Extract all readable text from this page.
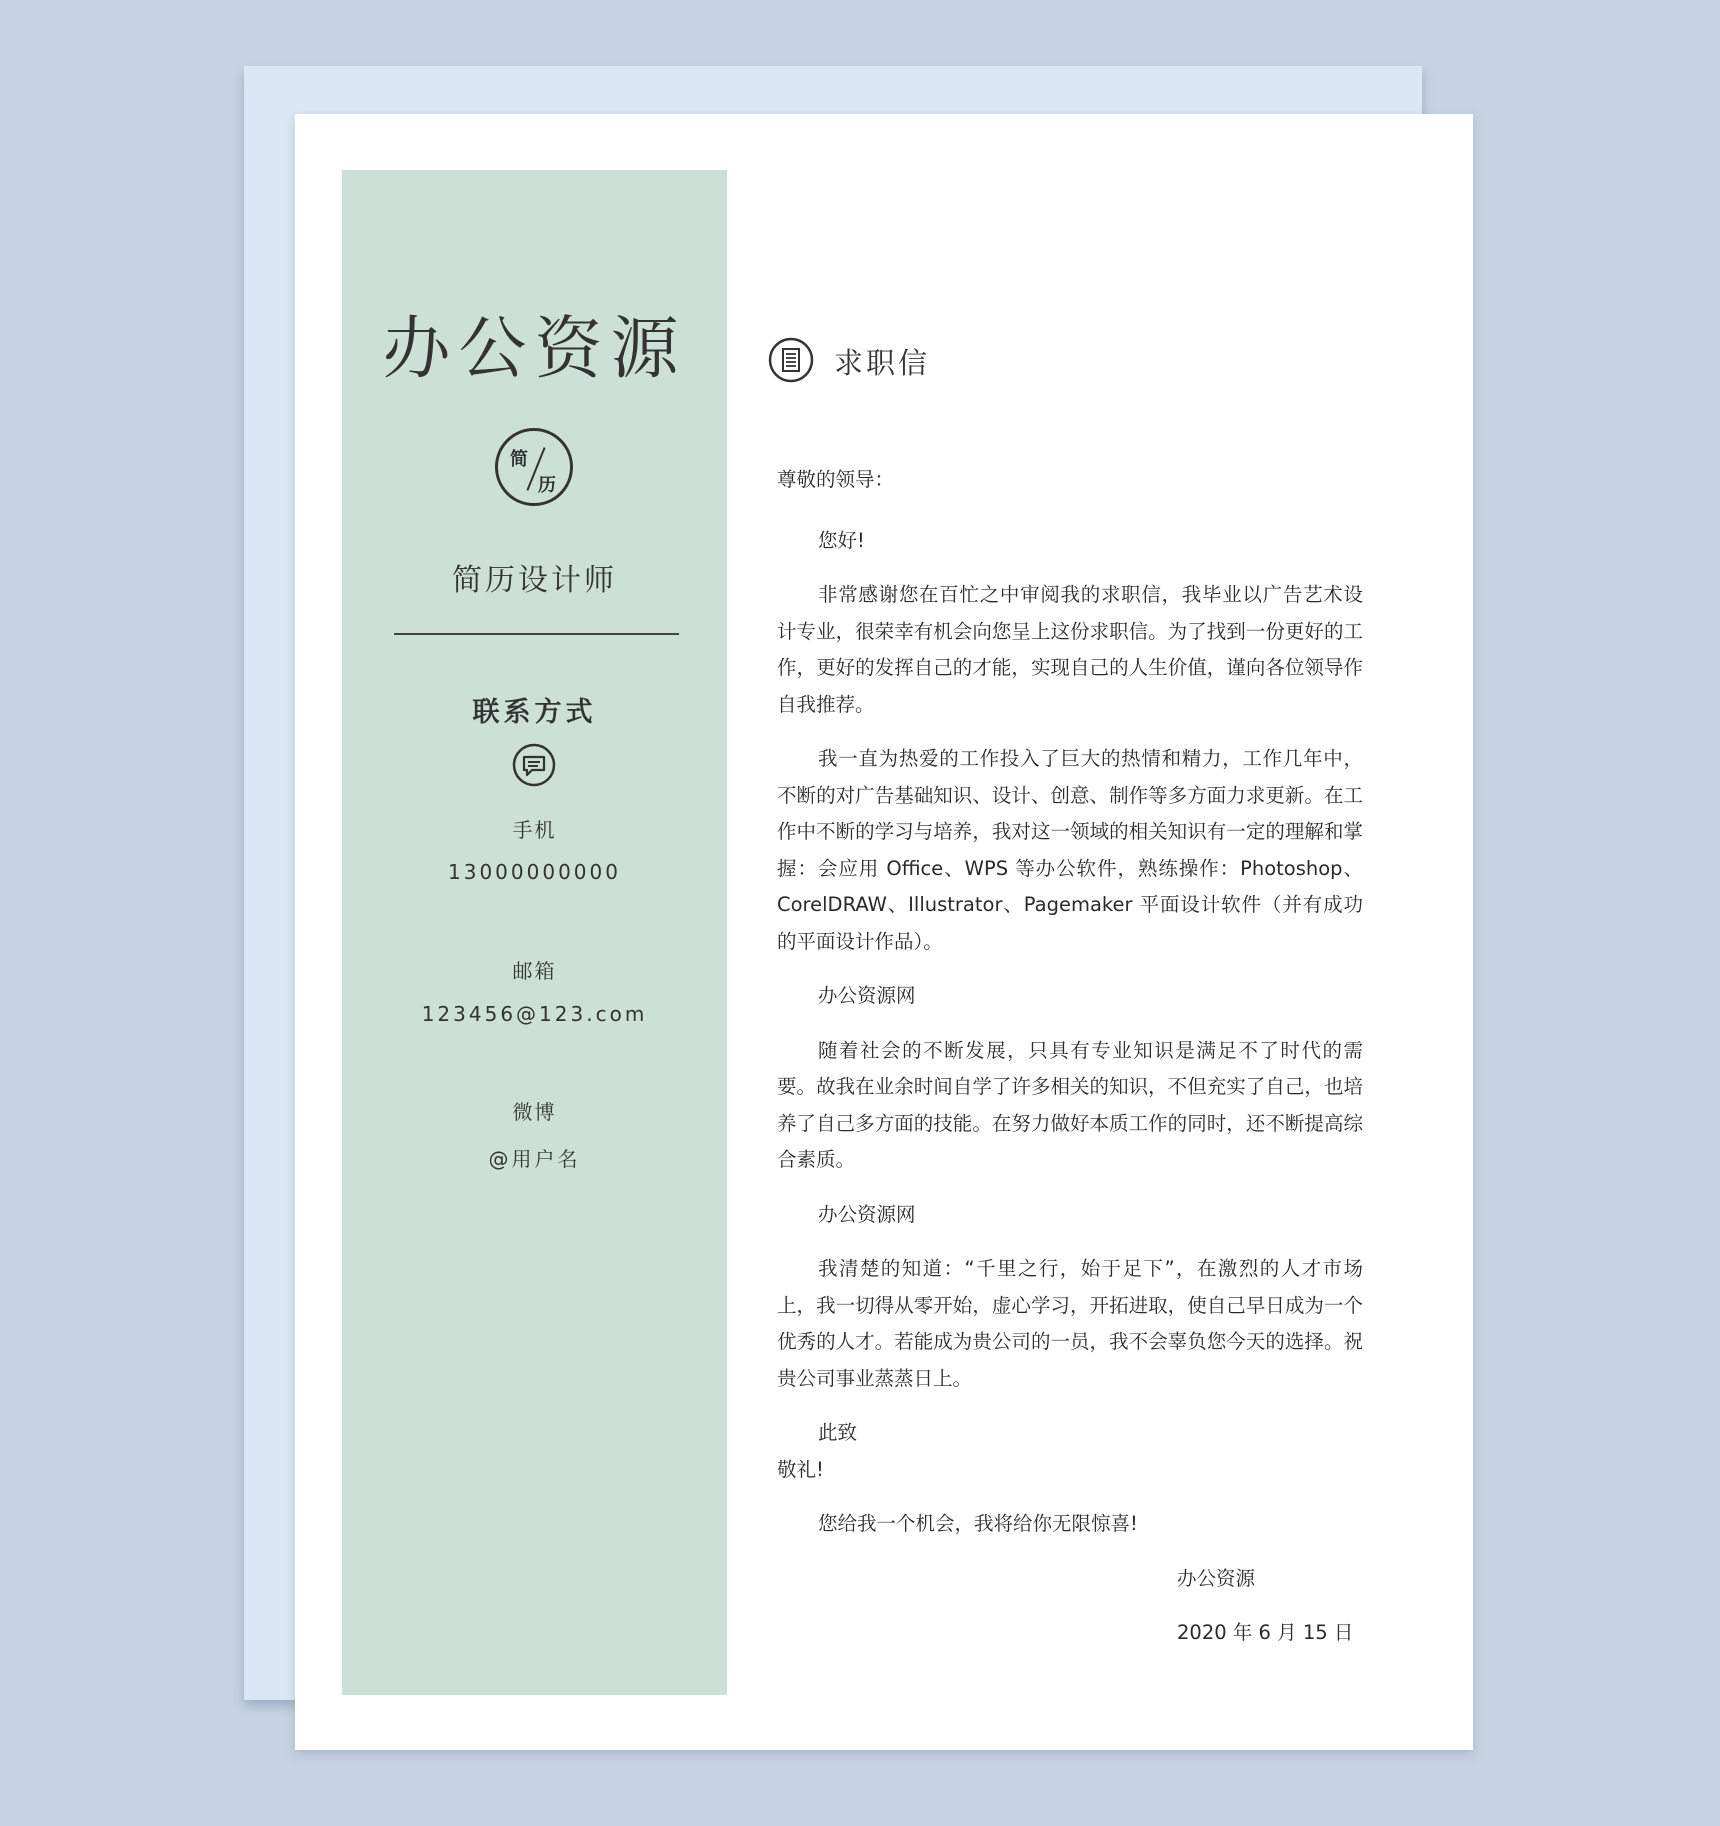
办公资源
简
历
简历设计师
联系方式
手机
13000000000
邮箱
123456@123.com
微博
@用户名
求职信

尊敬的领导：

您好!

非常感谢您在百忙之中审阅我的求职信，我毕业以广告艺术设计专业，很荣幸有机会向您呈上这份求职信。为了找到一份更好的工作，更好的发挥自己的才能，实现自己的人生价值，谨向各位领导作自我推荐。

我一直为热爱的工作投入了巨大的热情和精力，工作几年中，不断的对广告基础知识、设计、创意、制作等多方面力求更新。在工作中不断的学习与培养，我对这一领域的相关知识有一定的理解和掌握：会应用 Office、WPS 等办公软件，熟练操作：Photoshop、CorelDRAW、Illustrator、Pagemaker 平面设计软件（并有成功的平面设计作品）。

办公资源网

随着社会的不断发展，只具有专业知识是满足不了时代的需要。故我在业余时间自学了许多相关的知识，不但充实了自己，也培养了自己多方面的技能。在努力做好本质工作的同时，还不断提高综合素质。

办公资源网

我清楚的知道：“千里之行，始于足下”，在激烈的人才市场上，我一切得从零开始，虚心学习，开拓进取，使自己早日成为一个优秀的人才。若能成为贵公司的一员，我不会辜负您今天的选择。祝贵公司事业蒸蒸日上。

此致

敬礼!

您给我一个机会，我将给你无限惊喜!

办公资源

2020 年 6 月 15 日
